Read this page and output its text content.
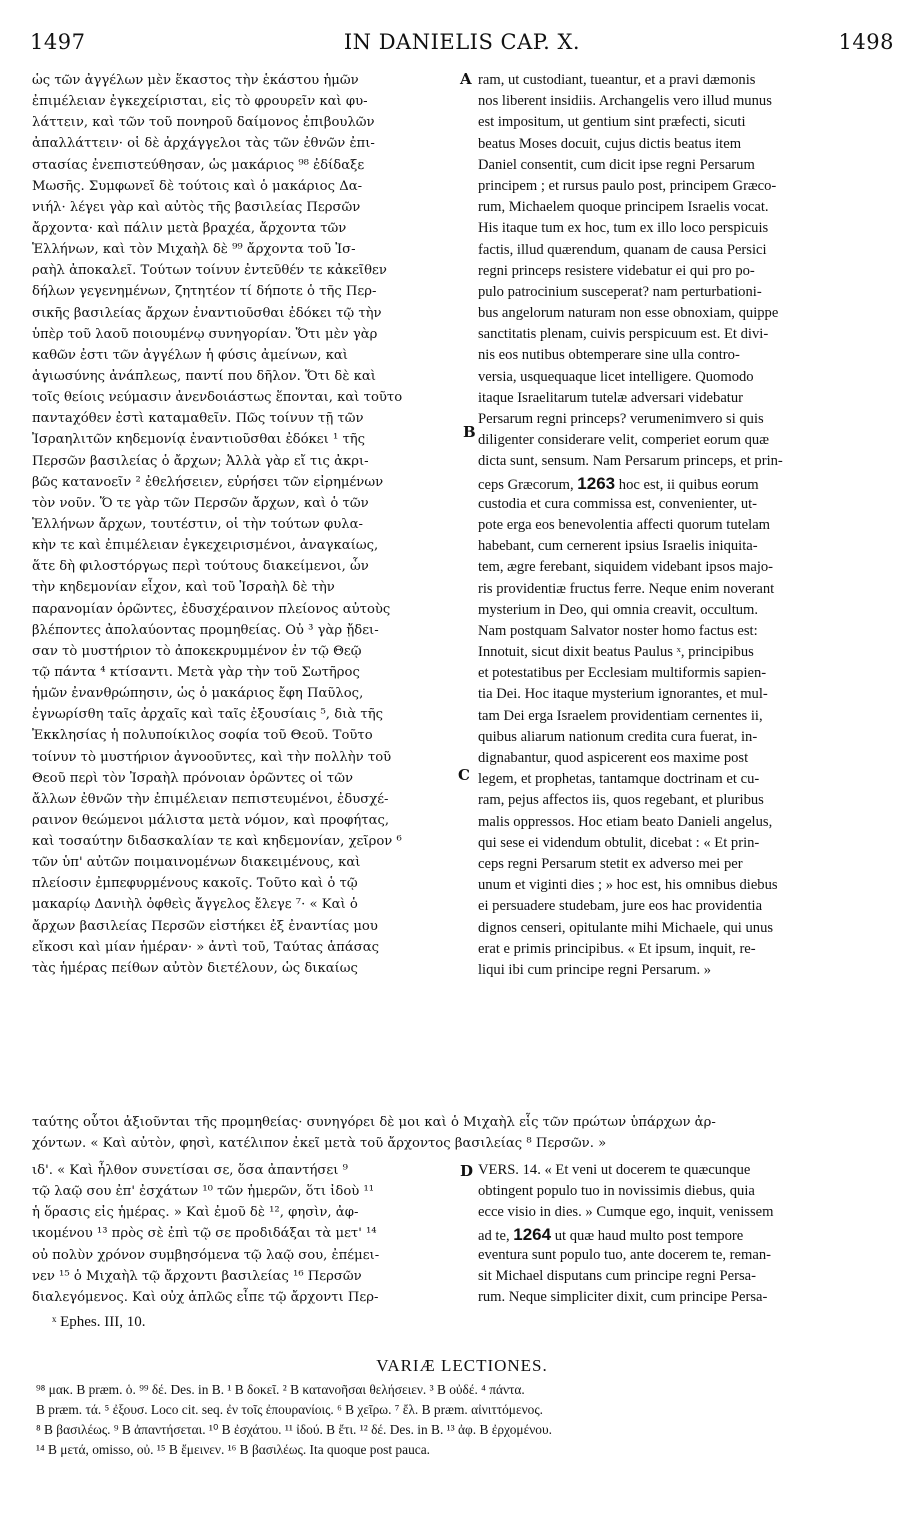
1497	IN DANIELIS CAP. X.	1498
ὡς τῶν ἀγγέλων μὲν ἕκαστος τὴν ἑκάστου ἡμῶν
ἐπιμέλειαν ἐγκεχείρισται, εἰς τὸ φρουρεῖν καὶ φυ-
λάττειν, καὶ τῶν τοῦ πονηροῦ δαίμονος ἐπιβουλῶν
ἀπαλλάττειν· οἱ δὲ ἀρχάγγελοι τὰς τῶν ἐθνῶν ἐπι-
στασίας ἐνεπιστεύθησαν, ὡς μακάριος ⁹⁸ ἐδίδαξε
Μωσῆς. Συμφωνεῖ δὲ τούτοις καὶ ὁ μακάριος Δα-
νιήλ· λέγει γὰρ καὶ αὐτὸς τῆς βασιλείας Περσῶν
ἄρχοντα· καὶ πάλιν μετὰ βραχέα, ἄρχοντα τῶν
Ἑλλήνων, καὶ τὸν Μιχαὴλ δὲ ⁹⁹ ἄρχοντα τοῦ Ἰσ-
ραὴλ ἀποκαλεῖ. Τούτων τοίνυν ἐντεῦθέν τε κἀκεῖθεν
δήλων γεγενημένων, ζητητέον τί δήποτε ὁ τῆς Περ-
σικῆς βασιλείας ἄρχων ἐναντιοῦσθαι ἐδόκει τῷ τὴν
ὑπὲρ τοῦ λαοῦ ποιουμένῳ συνηγορίαν. Ὅτι μὲν γὰρ
καθῶν ἐστι τῶν ἀγγέλων ἡ φύσις ἀμείνων, καὶ
ἁγιωσύνης ἀνάπλεως, παντί που δῆλον. Ὅτι δὲ καὶ
τοῖς θείοις νεύμασιν ἀνενδοιάστως ἕπονται, καὶ τοῦτο
παντaχόθεν ἐστὶ καταμαθεῖν. Πῶς τοίνυν τῇ τῶν
Ἰσραηλιτῶν κηδεμονίᾳ ἐναντιοῦσθαι ἐδόκει ¹ τῆς
Περσῶν βασιλείας ὁ ἄρχων; Ἀλλὰ γὰρ εἴ τις ἀκρι-
βῶς κατανοεῖν ² ἐθελήσειεν, εὑρήσει τῶν εἰρημένων
τὸν νοῦν. Ὅ τε γὰρ τῶν Περσῶν ἄρχων, καὶ ὁ τῶν
Ἑλλήνων ἄρχων, τουτέστιν, οἱ τὴν τούτων φυλα-
κὴν τε καὶ ἐπιμέλειαν ἐγκεχειρισμένοι, ἀναγκαίως,
ἅτε δὴ φιλοστόργως περὶ τούτους διακείμενοι, ὧν
τὴν κηδεμονίαν εἶχον, καὶ τοῦ Ἰσραὴλ δὲ τὴν
παρανομίαν ὁρῶντες, ἐδυσχέραινον πλείονος αὐτοὺς
βλέποντες ἀπολαύοντας προμηθείας. Οὐ ³ γὰρ ᾔδει-
σαν τὸ μυστήριον τὸ ἀποκεκρυμμένον ἐν τῷ Θεῷ
τῷ πάντα ⁴ κτίσαντι. Μετὰ γὰρ τὴν τοῦ Σωτῆρος
ἡμῶν ἐνανθρώπησιν, ὡς ὁ μακάριος ἔφη Παῦλος,
ἐγνωρίσθη ταῖς ἀρχαῖς καὶ ταῖς ἐξουσίαις ⁵, διὰ τῆς
Ἐκκλησίας ἡ πολυποίκιλος σοφία τοῦ Θεοῦ. Τοῦτο
τοίνυν τὸ μυστήριον ἀγνοοῦντες, καὶ τὴν πολλὴν τοῦ
Θεοῦ περὶ τὸν Ἰσραὴλ πρόνοιαν ὁρῶντες οἱ τῶν
ἄλλων ἐθνῶν τὴν ἐπιμέλειαν πεπιστευμένοι, ἐδυσχέ-
ραινον θεώμενοι μάλιστα μετὰ νόμον, καὶ προφήτας,
καὶ τοσαύτην διδασκαλίαν τε καὶ κηδεμονίαν, χεῖρον ⁶
τῶν ὑπ' αὐτῶν ποιμαινομένων διακειμένους, καὶ
πλείοσιν ἐμπεφυρμένους κακοῖς. Τοῦτο καὶ ὁ τῷ
μακαρίῳ Δανιὴλ ὀφθεὶς ἄγγελος ἔλεγε ⁷· « Καὶ ὁ
ἄρχων βασιλείας Περσῶν εἱστήκει ἐξ ἐναντίας μου
εἴκοσι καὶ μίαν ἡμέραν· » ἀντὶ τοῦ, Ταύτας ἁπάσας
τὰς ἡμέρας πείθων αὐτὸν διετέλουν, ὡς δικαίως
ram, ut custodiant, tueantur, et a pravi dæmonis
nos liberent insidiis. Archangelis vero illud munus
est impositum, ut gentium sint præfecti, sicuti
beatus Moses docuit, cujus dictis beatus item
Daniel consentit, cum dicit ipse regni Persarum
principem ; et rursus paulo post, principem Græco-
rum, Michaelem quoque principem Israelis vocat.
His itaque tum ex hoc, tum ex illo loco perspicuis
factis, illud quærendum, quanam de causa Persici
regni princeps resistere videbatur ei qui pro po-
pulo patrocinium susceperat? nam perturbationi-
bus angelorum naturam non esse obnoxiam, quippe
sanctitatis plenam, cuivis perspicuum est. Et divi-
nis eos nutibus obtemperare sine ulla contro-
versia, usquequaque licet intelligere. Quomodo
itaque Israelitarum tutelæ adversari videbatur
Persarum regni princeps? verumenimvero si quis
diligenter considerare velit, comperiet eorum quæ
dicta sunt, sensum. Nam Persarum princeps, et prin-
ceps Græcorum, 1263 hoc est, ii quibus eorum
custodia et cura commissa est, convenienter, ut-
pote erga eos benevolentia affecti quorum tutelam
habebant, cum cernerent ipsius Israelis iniquita-
tem, ægre ferebant, siquidem videbant ipsos majo-
ris providentiæ fructus ferre. Neque enim noverant
mysterium in Deo, qui omnia creavit, occultum.
Nam postquam Salvator noster homo factus est:
Innotuit, sicut dixit beatus Paulus ˣ, principibus
et potestatibus per Ecclesiam multiformis sapien-
tia Dei. Hoc itaque mysterium ignorantes, et mul-
tam Dei erga Israelem providentiam cernentes ii,
quibus aliarum nationum credita cura fuerat, in-
dignabantur, quod aspicerent eos maxime post
legem, et prophetas, tantamque doctrinam et cu-
ram, pejus affectos iis, quos regebant, et pluribus
malis oppressos. Hoc etiam beato Danieli angelus,
qui sese ei videndum obtulit, dicebat : « Et prin-
ceps regni Persarum stetit ex adverso mei per
unum et viginti dies ; » hoc est, his omnibus diebus
ei persuadere studebam, jure eos hac providentia
dignos censeri, opitulante mihi Michaele, qui unus
erat e primis principibus. « Et ipsum, inquit, re-
liqui ibi cum principe regni Persarum. »
A
B
C
D
ταύτης οὗτοι ἀξιοῦνται τῆς προμηθείας· συνηγόρει δὲ μοι καὶ ὁ Μιχαὴλ εἷς τῶν πρώτων ὑπάρχων ἀρ-
χόντων. « Καὶ αὐτὸν, φησὶ, κατέλιπον ἐκεῖ μετὰ τοῦ ἄρχοντος βασιλείας ⁸ Περσῶν. »
ιδ'. « Καὶ ἦλθον συνετίσαι σε, ὅσα ἀπαντήσει ⁹
τῷ λαῷ σου ἐπ' ἐσχάτων ¹⁰ τῶν ἡμερῶν, ὅτι ἰδοὺ ¹¹
ἡ ὅρασις εἰς ἡμέρας. » Καὶ ἐμοῦ δὲ ¹², φησὶν, ἀφ-
ικομένου ¹³ πρὸς σὲ ἐπὶ τῷ σε προδιδάξαι τὰ μετ' ¹⁴
οὐ πολὺν χρόνον συμβησόμενα τῷ λαῷ σου, ἐπέμει-
νεν ¹⁵ ὁ Μιχαὴλ τῷ ἄρχοντι βασιλείας ¹⁶ Περσῶν
διαλεγόμενος. Καὶ οὐχ ἁπλῶς εἶπε τῷ ἄρχοντι Περ-
VERS. 14. « Et veni ut docerem te quæcunque
obtingent populo tuo in novissimis diebus, quia
ecce visio in dies. » Cumque ego, inquit, venissem
ad te, 1264 ut quæ haud multo post tempore
eventura sunt populo tuo, ante docerem te, reman-
sit Michael disputans cum principe regni Persa-
rum. Neque simpliciter dixit, cum principe Persa-
ˣ Ephes. III, 10.
VARIÆ LECTIONES.
⁹⁸ μακ. B præm. ὁ. ⁹⁹ δέ. Des. in B. ¹ B δοκεῖ. ² B κατανοῆσαι θελήσειεν. ³ B οὐδέ. ⁴ πάντα.
B præm. τά. ⁵ ἐξουσ. Loco cit. seq. ἐν τοῖς ἐπουρανίοις. ⁶ B χεῖρω. ⁷ ἔλ. B præm. αἰνιττόμενος.
⁸ B βασιλέως. ⁹ B ἀπαντήσεται. ¹⁰ B ἐσχάτου. ¹¹ ἰδού. B ἔτι. ¹² δέ. Des. in B. ¹³ ἀφ. B ἐρχομένου.
¹⁴ B μετά, omisso, οὐ. ¹⁵ B ἔμεινεν. ¹⁶ B βασιλέως. Ita quoque post pauca.
